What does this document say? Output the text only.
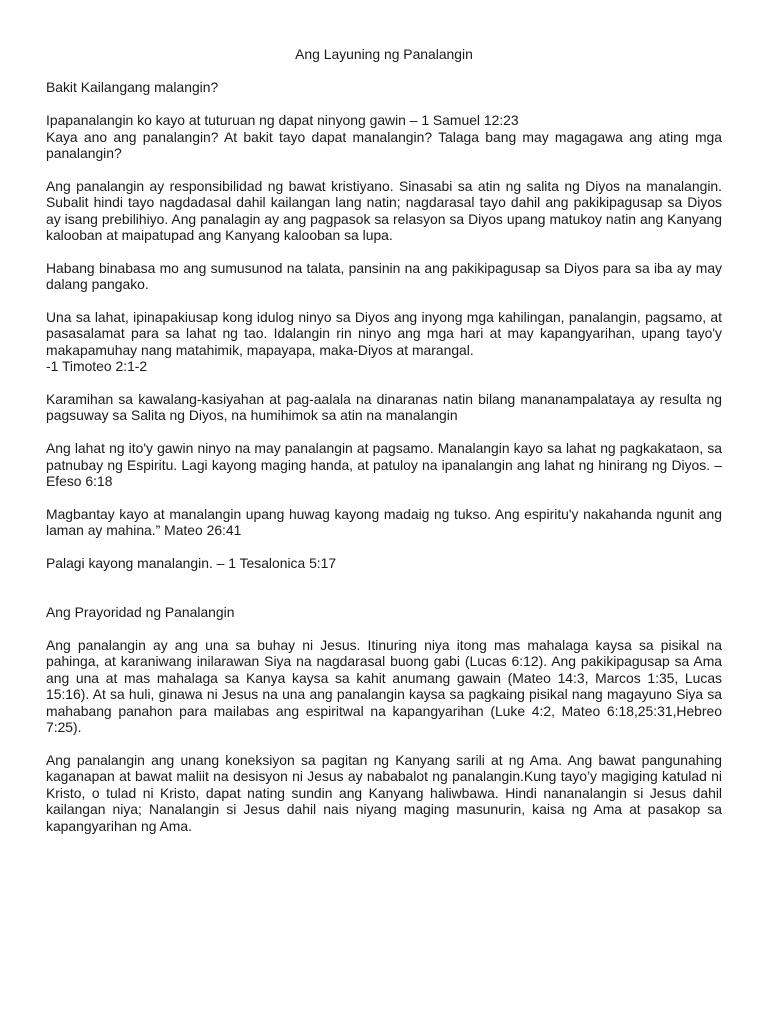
Ang Layuning ng Panalangin

Bakit Kailangang malangin?

Ipapanalangin ko kayo at tuturuan ng dapat ninyong gawin – 1 Samuel 12:23

Kaya ano ang panalangin? At bakit tayo dapat manalangin? Talaga bang may magagawa ang ating mga panalangin?

Ang panalangin ay responsibilidad ng bawat kristiyano. Sinasabi sa atin ng salita ng Diyos na manalangin. Subalit hindi tayo nagdadasal dahil kailangan lang natin; nagdarasal tayo dahil ang pakikipagusap sa Diyos ay isang prebilihiyo. Ang panalagin ay ang pagpasok sa relasyon sa Diyos upang matukoy natin ang Kanyang kalooban at maipatupad ang Kanyang kalooban sa lupa.

Habang binabasa mo ang sumusunod na talata, pansinin na ang pakikipagusap sa Diyos para sa iba ay may dalang pangako.

Una sa lahat, ipinapakiusap kong idulog ninyo sa Diyos ang inyong mga kahilingan, panalangin, pagsamo, at pasasalamat para sa lahat ng tao. Idalangin rin ninyo ang mga hari at may kapangyarihan, upang tayo'y makapamuhay nang matahimik, mapayapa, maka-Diyos at marangal.

-1 Timoteo 2:1-2

Karamihan sa kawalang-kasiyahan at pag-aalala na dinaranas natin bilang mananampalataya ay resulta ng pagsuway sa Salita ng Diyos, na humihimok sa atin na manalangin

Ang lahat ng ito'y gawin ninyo na may panalangin at pagsamo. Manalangin kayo sa lahat ng pagkakataon, sa patnubay ng Espiritu. Lagi kayong maging handa, at patuloy na ipanalangin ang lahat ng hinirang ng Diyos. – Efeso 6:18

Magbantay kayo at manalangin upang huwag kayong madaig ng tukso. Ang espiritu'y nakahanda ngunit ang laman ay mahina.” Mateo 26:41

Palagi kayong manalangin. – 1 Tesalonica 5:17

Ang Prayoridad ng Panalangin

Ang panalangin ay ang una sa buhay ni Jesus. Itinuring niya itong mas mahalaga kaysa sa pisikal na pahinga, at karaniwang inilarawan Siya na nagdarasal buong gabi (Lucas 6:12). Ang pakikipagusap sa Ama ang una at mas mahalaga sa Kanya kaysa sa kahit anumang gawain (Mateo 14:3, Marcos 1:35, Lucas 15:16). At sa huli, ginawa ni Jesus na una ang panalangin kaysa sa pagkaing pisikal nang magayuno Siya sa mahabang panahon para mailabas ang espiritwal na kapangyarihan (Luke 4:2, Mateo 6:18,25:31,Hebreo 7:25).

Ang panalangin ang unang koneksiyon sa pagitan ng Kanyang sarili at ng Ama. Ang bawat pangunahing kaganapan at bawat maliit na desisyon ni Jesus ay nababalot ng panalangin.Kung tayo’y magiging katulad ni Kristo, o tulad ni Kristo, dapat nating sundin ang Kanyang haliwbawa. Hindi nananalangin si Jesus dahil kailangan niya; Nanalangin si Jesus dahil nais niyang maging masunurin, kaisa ng Ama at pasakop sa kapangyarihan ng Ama.
